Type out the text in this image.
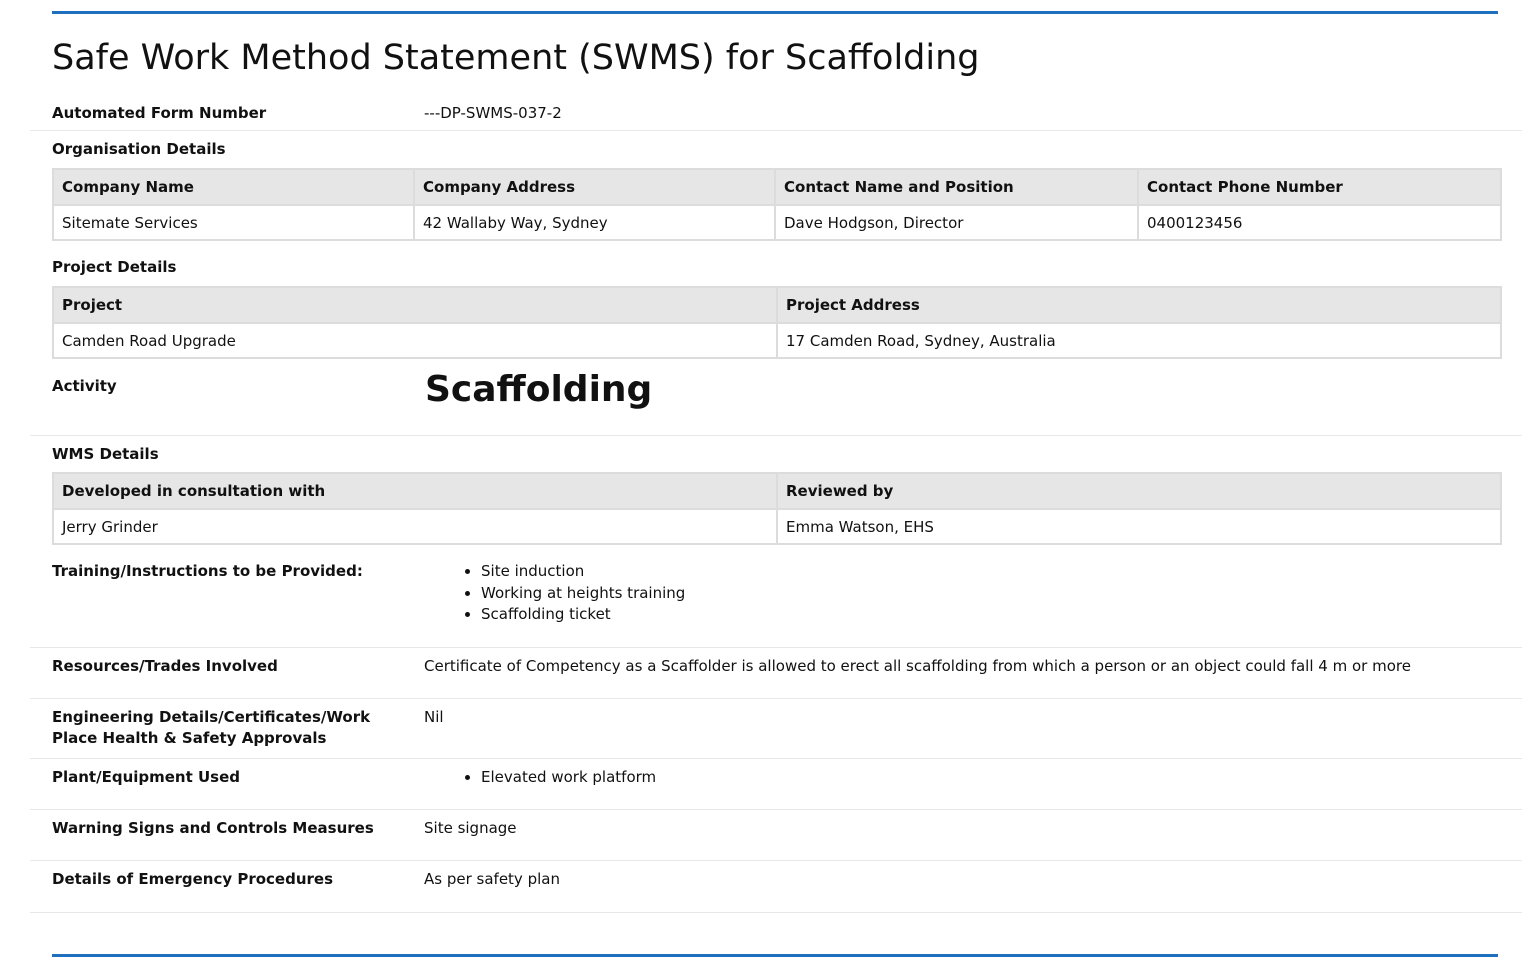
Safe Work Method Statement (SWMS) for Scaffolding
Automated Form Number	---DP-SWMS-037-2
Organisation Details
Company Name	Company Address	Contact Name and Position	Contact Phone Number
Sitemate Services	42 Wallaby Way, Sydney	Dave Hodgson, Director	0400123456
Project Details
Project	Project Address
Camden Road Upgrade	17 Camden Road, Sydney, Australia
Activity	Scaffolding
WMS Details
Developed in consultation with	Reviewed by
Jerry Grinder	Emma Watson, EHS
Training/Instructions to be Provided:	• Site induction
• Working at heights training
• Scaffolding ticket
Resources/Trades Involved	Certificate of Competency as a Scaffolder is allowed to erect all scaffolding from which a person or an object could fall 4 m or more
Engineering Details/Certificates/Work Place Health & Safety Approvals
Nil
Plant/Equipment Used	• Elevated work platform
Warning Signs and Controls Measures	Site signage
Details of Emergency Procedures	As per safety plan
